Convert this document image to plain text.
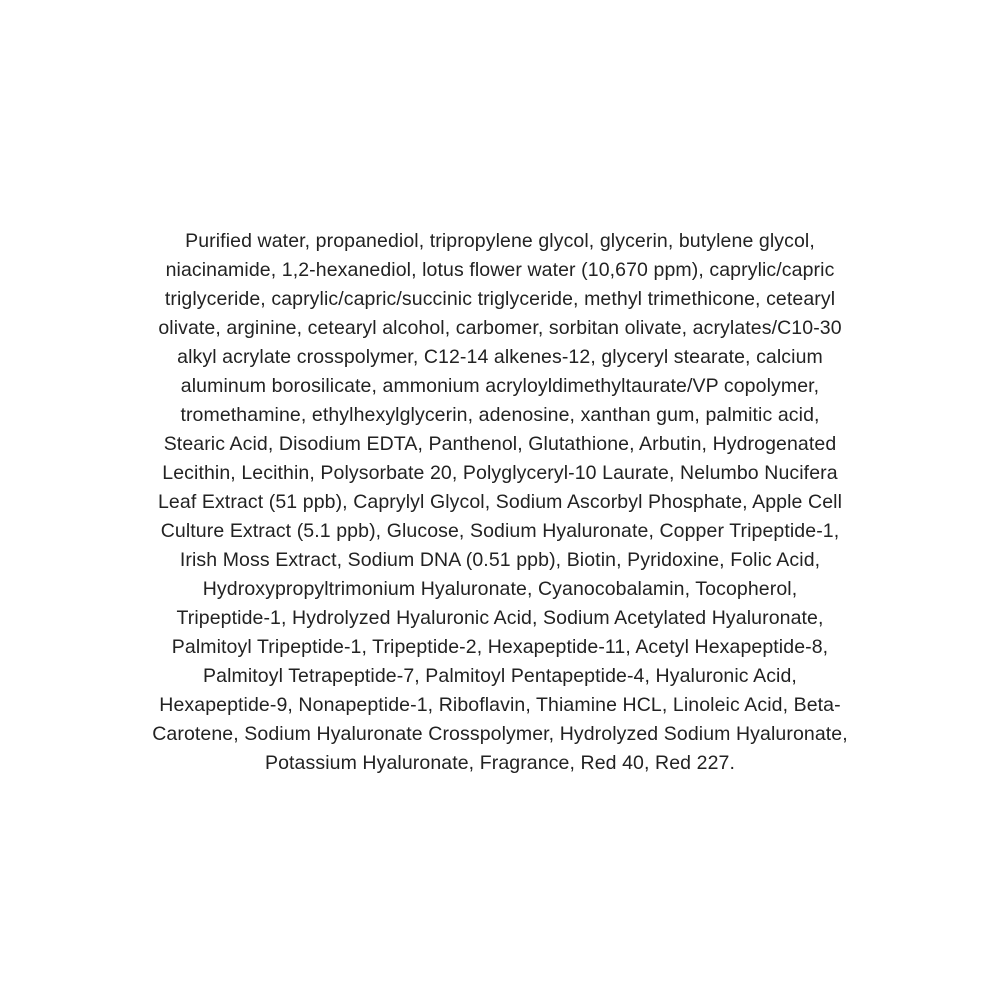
Purified water, propanediol, tripropylene glycol, glycerin, butylene glycol,
niacinamide, 1,2-hexanediol, lotus flower water (10,670 ppm), caprylic/capric
triglyceride, caprylic/capric/succinic triglyceride, methyl trimethicone, cetearyl
olivate, arginine, cetearyl alcohol, carbomer, sorbitan olivate, acrylates/C10-30
alkyl acrylate crosspolymer, C12-14 alkenes-12, glyceryl stearate, calcium
aluminum borosilicate, ammonium acryloyldimethyltaurate/VP copolymer,
tromethamine, ethylhexylglycerin, adenosine, xanthan gum, palmitic acid,
Stearic Acid, Disodium EDTA, Panthenol, Glutathione, Arbutin, Hydrogenated
Lecithin, Lecithin, Polysorbate 20, Polyglyceryl-10 Laurate, Nelumbo Nucifera
Leaf Extract (51 ppb), Caprylyl Glycol, Sodium Ascorbyl Phosphate, Apple Cell
Culture Extract (5.1 ppb), Glucose, Sodium Hyaluronate, Copper Tripeptide-1,
Irish Moss Extract, Sodium DNA (0.51 ppb), Biotin, Pyridoxine, Folic Acid,
Hydroxypropyltrimonium Hyaluronate, Cyanocobalamin, Tocopherol,
Tripeptide-1, Hydrolyzed Hyaluronic Acid, Sodium Acetylated Hyaluronate,
Palmitoyl Tripeptide-1, Tripeptide-2, Hexapeptide-11, Acetyl Hexapeptide-8,
Palmitoyl Tetrapeptide-7, Palmitoyl Pentapeptide-4, Hyaluronic Acid,
Hexapeptide-9, Nonapeptide-1, Riboflavin, Thiamine HCL, Linoleic Acid, Beta-
Carotene, Sodium Hyaluronate Crosspolymer, Hydrolyzed Sodium Hyaluronate,
Potassium Hyaluronate, Fragrance, Red 40, Red 227.
